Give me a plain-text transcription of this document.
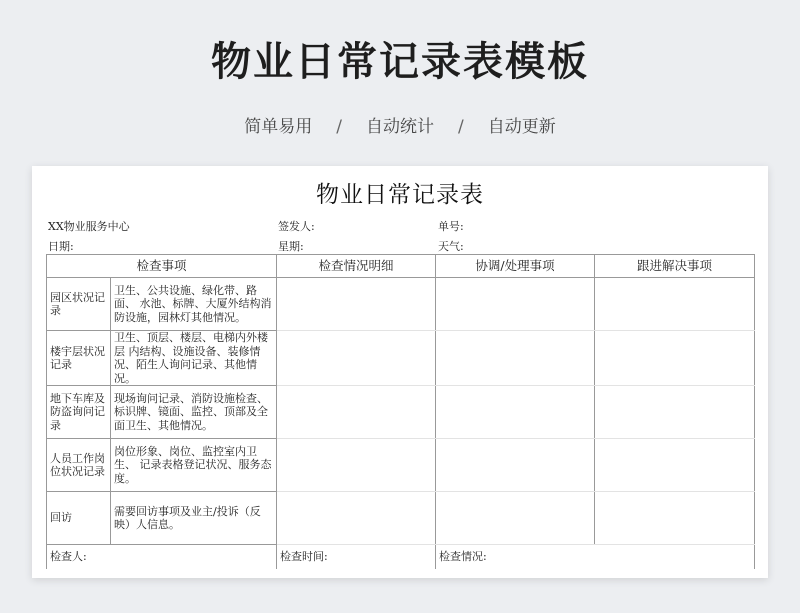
物业日常记录表模板
简单易用 / 自动统计 / 自动更新
物业日常记录表
XX物业服务中心	签发人:	单号:
日期:	星期:	天气:
检查事项		检查情况明细	协调/处理事项	跟进解决事项
园区状况记录	卫生、公共设施、绿化带、路面、 水池、标牌、大厦外结构消防设施，园林灯其他情况。			
楼宇层状况记录	卫生、顶层、楼层、电梯内外楼层 内结构、设施设备、装修情况、陌生人询问记录、其他情况。			
地下车库及防盗询问记录	现场询问记录、消防设施检查、标识牌、镜面、监控、顶部及全面卫生、其他情况。			
人员工作岗位状况记录	岗位形象、岗位、监控室内卫生、 记录表格登记状况、服务态度。			
回访	需要回访事项及业主/投诉（反映）人信息。			
检查人:		检查时间:	检查情况:	
